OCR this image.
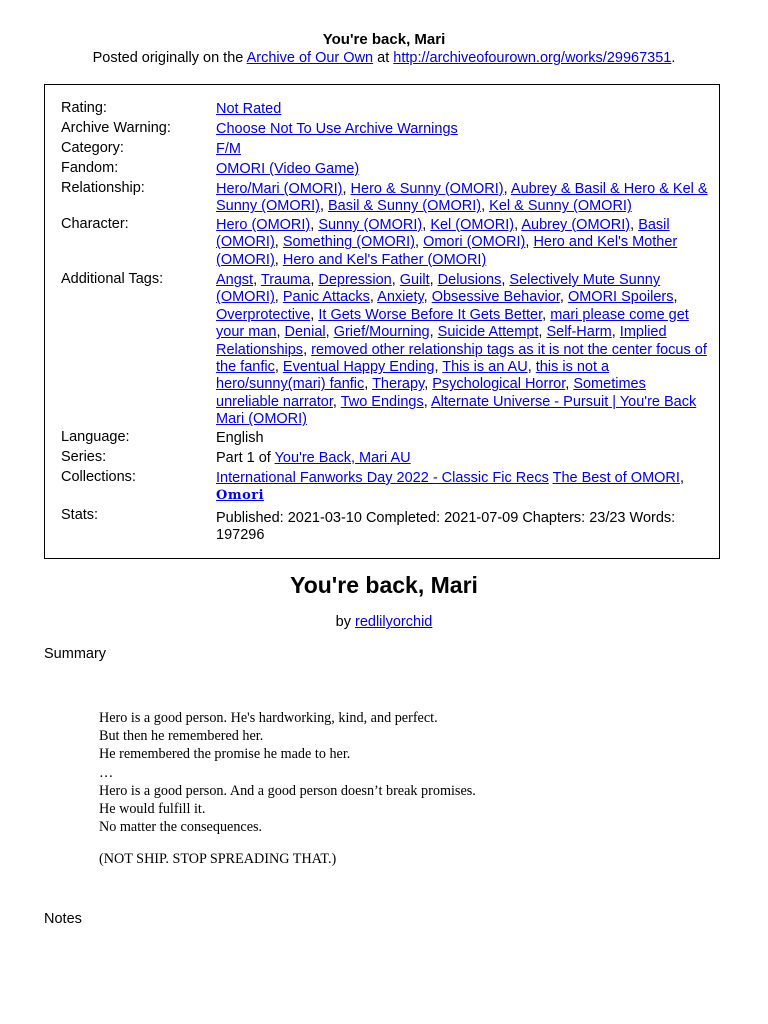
You're back, Mari
Posted originally on the Archive of Our Own at http://archiveofourown.org/works/29967351.
Rating:	Not Rated
Archive Warning:	Choose Not To Use Archive Warnings
Category:	F/M
Fandom:	OMORI (Video Game)
Relationship:	Hero/Mari (OMORI), Hero & Sunny (OMORI), Aubrey & Basil & Hero & Kel & Sunny (OMORI), Basil & Sunny (OMORI), Kel & Sunny (OMORI)
Character:	Hero (OMORI), Sunny (OMORI), Kel (OMORI), Aubrey (OMORI), Basil (OMORI), Something (OMORI), Omori (OMORI), Hero and Kel's Mother (OMORI), Hero and Kel's Father (OMORI)
Additional Tags:	Angst, Trauma, Depression, Guilt, Delusions, Selectively Mute Sunny (OMORI), Panic Attacks, Anxiety, Obsessive Behavior, OMORI Spoilers, Overprotective, It Gets Worse Before It Gets Better, mari please come get your man, Denial, Grief/Mourning, Suicide Attempt, Self-Harm, Implied Relationships, removed other relationship tags as it is not the center focus of the fanfic, Eventual Happy Ending, This is an AU, this is not a hero/sunny(mari) fanfic, Therapy, Psychological Horror, Sometimes unreliable narrator, Two Endings, Alternate Universe - Pursuit | You're Back Mari (OMORI)
Language:	English
Series:	Part 1 of You're Back, Mari AU
Collections:	International Fanworks Day 2022 - Classic Fic Recs The Best of OMORI, Omori
Stats:	Published: 2021-03-10 Completed: 2021-07-09 Chapters: 23/23 Words: 197296
You're back, Mari
by redlilyorchid
Summary
Hero is a good person. He's hardworking, kind, and perfect.
But then he remembered her.
He remembered the promise he made to her.
…
Hero is a good person. And a good person doesn’t break promises.
He would fulfill it.
No matter the consequences.
(NOT SHIP. STOP SPREADING THAT.)
Notes
